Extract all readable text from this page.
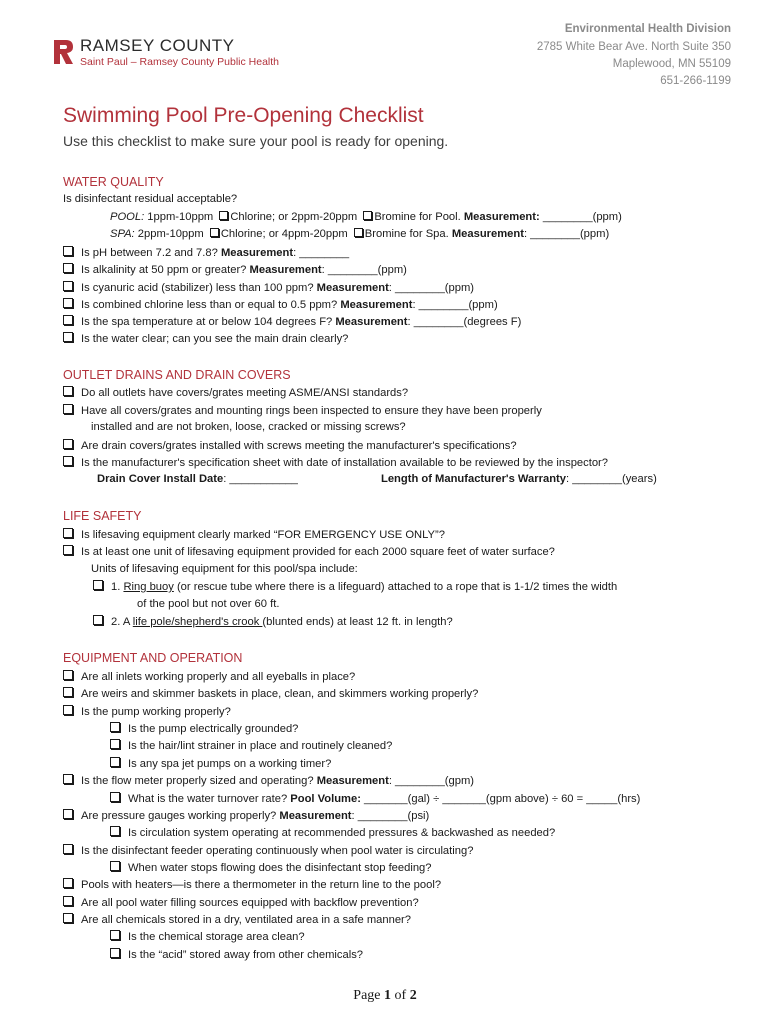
RAMSEY COUNTY
Saint Paul – Ramsey County Public Health
Environmental Health Division
2785 White Bear Ave. North Suite 350
Maplewood, MN 55109
651-266-1199
Swimming Pool Pre-Opening Checklist
Use this checklist to make sure your pool is ready for opening.
WATER QUALITY
Is disinfectant residual acceptable?
POOL: 1ppm-10ppm Chlorine; or 2ppm-20ppm Bromine for Pool. Measurement: ________(ppm)
SPA: 2ppm-10ppm Chlorine; or 4ppm-20ppm Bromine for Spa. Measurement: ________(ppm)
Is pH between 7.2 and 7.8? Measurement: ________
Is alkalinity at 50 ppm or greater? Measurement: ________(ppm)
Is cyanuric acid (stabilizer) less than 100 ppm? Measurement: ________(ppm)
Is combined chlorine less than or equal to 0.5 ppm? Measurement: ________(ppm)
Is the spa temperature at or below 104 degrees F? Measurement: ________(degrees F)
Is the water clear; can you see the main drain clearly?
OUTLET DRAINS AND DRAIN COVERS
Do all outlets have covers/grates meeting ASME/ANSI standards?
Have all covers/grates and mounting rings been inspected to ensure they have been properly
installed and are not broken, loose, cracked or missing screws?
Are drain covers/grates installed with screws meeting the manufacturer's specifications?
Is the manufacturer's specification sheet with date of installation available to be reviewed by the inspector?
Drain Cover Install Date: ___________	Length of Manufacturer's Warranty: ________(years)
LIFE SAFETY
Is lifesaving equipment clearly marked “FOR EMERGENCY USE ONLY”?
Is at least one unit of lifesaving equipment provided for each 2000 square feet of water surface?
Units of lifesaving equipment for this pool/spa include:
1. Ring buoy (or rescue tube where there is a lifeguard) attached to a rope that is 1-1/2 times the width
of the pool but not over 60 ft.
2. A life pole/shepherd's crook (blunted ends) at least 12 ft. in length?
EQUIPMENT AND OPERATION
Are all inlets working properly and all eyeballs in place?
Are weirs and skimmer baskets in place, clean, and skimmers working properly?
Is the pump working properly?
Is the pump electrically grounded?
Is the hair/lint strainer in place and routinely cleaned?
Is any spa jet pumps on a working timer?
Is the flow meter properly sized and operating? Measurement: ________(gpm)
What is the water turnover rate? Pool Volume: _______(gal) ÷ _______(gpm above) ÷ 60 = _____(hrs)
Are pressure gauges working properly? Measurement: ________(psi)
Is circulation system operating at recommended pressures & backwashed as needed?
Is the disinfectant feeder operating continuously when pool water is circulating?
When water stops flowing does the disinfectant stop feeding?
Pools with heaters—is there a thermometer in the return line to the pool?
Are all pool water filling sources equipped with backflow prevention?
Are all chemicals stored in a dry, ventilated area in a safe manner?
Is the chemical storage area clean?
Is the “acid” stored away from other chemicals?
Page 1 of 2
